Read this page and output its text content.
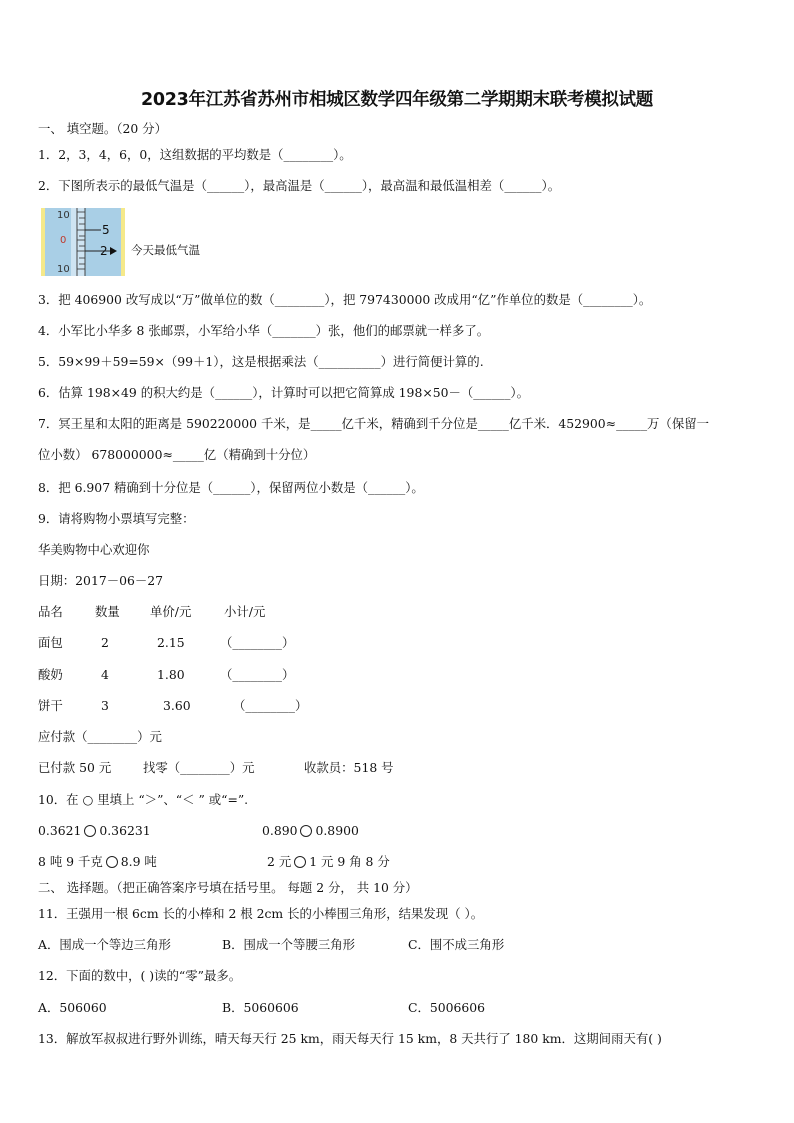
2023年江苏省苏州市相城区数学四年级第二学期期末联考模拟试题
一、 填空题。（20 分）
1．2，3，4，6，0，这组数据的平均数是（________）。
2．下图所表示的最低气温是（______），最高温是（______），最高温和最低温相差（______）。
10
0
10
5
2 今天最低气温
3．把 406900 改写成以“万”做单位的数（________），把 797430000 改成用“亿”作单位的数是（________）。
4．小军比小华多 8 张邮票，小军给小华（_______）张，他们的邮票就一样多了。
5．59×99＋59=59×（99＋1），这是根据乘法（__________）进行简便计算的.
6．估算 198×49 的积大约是（______），计算时可以把它简算成 198×50－（______）。
7．冥王星和太阳的距离是 590220000 千米，是_____亿千米，精确到千分位是_____亿千米．452900≈_____万（保留一
位小数） 678000000≈_____亿（精确到十分位）
8．把 6.907 精确到十分位是（______），保留两位小数是（______）。
9．请将购物小票填写完整：
华美购物中心欢迎你
日期：2017－06－27
品名	数量 单价/元	小计/元
面包	2	2.15	（________）
酸奶	4	1.80	（________）
饼干	3	3.60	（________）
应付款（________）元
已付款 50 元	找零（________）元	收款员：518 号
10．在 ○ 里填上 “＞”、“＜ ” 或“=”.
0.3621 0.36231	0.890 0.8900
8 吨 9 千克 8.9 吨	2 元 1 元 9 角 8 分
二、 选择题。（把正确答案序号填在括号里。 每题 2 分， 共 10 分）
11．王强用一根 6cm 长的小棒和 2 根 2cm 长的小棒围三角形，结果发现（ ）。
A．围成一个等边三角形	B．围成一个等腰三角形	C．围不成三角形
12．下面的数中，( )读的“零”最多。
A．506060	B．5060606	C．5006606
13．解放军叔叔进行野外训练，晴天每天行 25 km，雨天每天行 15 km，8 天共行了 180 km．这期间雨天有( )
